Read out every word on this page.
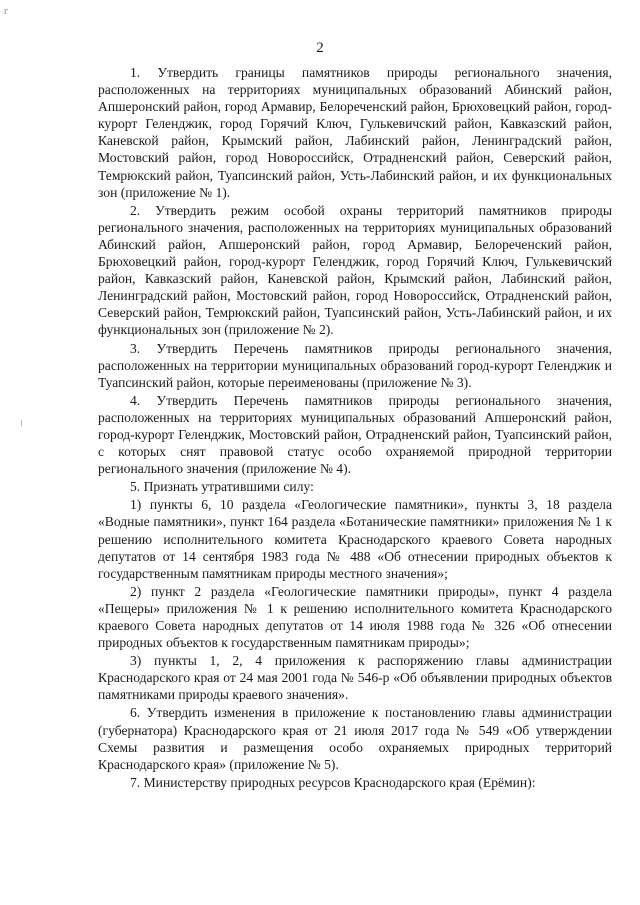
г
2

1. Утвердить границы памятников природы регионального значения, расположенных на территориях муниципальных образований Абинский район, Апшеронский район, город Армавир, Белореченский район, Брюховецкий район, город-курорт Геленджик, город Горячий Ключ, Гулькевичский район, Кавказский район, Каневской район, Крымский район, Лабинский район, Ленинградский район, Мостовский район, город Новороссийск, Отрадненский район, Северский район, Темрюкский район, Туапсинский район, Усть-Лабинский район, и их функциональных зон (приложение № 1).

2. Утвердить режим особой охраны территорий памятников природы регионального значения, расположенных на территориях муниципальных образований Абинский район, Апшеронский район, город Армавир, Белореченский район, Брюховецкий район, город-курорт Геленджик, город Горячий Ключ, Гулькевичский район, Кавказский район, Каневской район, Крымский район, Лабинский район, Ленинградский район, Мостовский район, город Новороссийск, Отрадненский район, Северский район, Темрюкский район, Туапсинский район, Усть-Лабинский район, и их функциональных зон (приложение № 2).

3. Утвердить Перечень памятников природы регионального значения, расположенных на территории муниципальных образований город-курорт Геленджик и Туапсинский район, которые переименованы (приложение № 3).

4. Утвердить Перечень памятников природы регионального значения, расположенных на территориях муниципальных образований Апшеронский район, город-курорт Геленджик, Мостовский район, Отрадненский район, Туапсинский район, с которых снят правовой статус особо охраняемой природной территории регионального значения (приложение № 4).

5. Признать утратившими силу:

1) пункты 6, 10 раздела «Геологические памятники», пункты 3, 18 раздела «Водные памятники», пункт 164 раздела «Ботанические памятники» приложения № 1 к решению исполнительного комитета Краснодарского краевого Совета народных депутатов от 14 сентября 1983 года № 488 «Об отнесении природных объектов к государственным памятникам природы местного значения»;

2) пункт 2 раздела «Геологические памятники природы», пункт 4 раздела «Пещеры» приложения № 1 к решению исполнительного комитета Краснодарского краевого Совета народных депутатов от 14 июля 1988 года № 326 «Об отнесении природных объектов к государственным памятникам природы»;

3) пункты 1, 2, 4 приложения к распоряжению главы администрации Краснодарского края от 24 мая 2001 года № 546-р «Об объявлении природных объектов памятниками природы краевого значения».

6. Утвердить изменения в приложение к постановлению главы администрации (губернатора) Краснодарского края от 21 июля 2017 года № 549 «Об утверждении Схемы развития и размещения особо охраняемых природных территорий Краснодарского края» (приложение № 5).

7. Министерству природных ресурсов Краснодарского края (Ерёмин):
